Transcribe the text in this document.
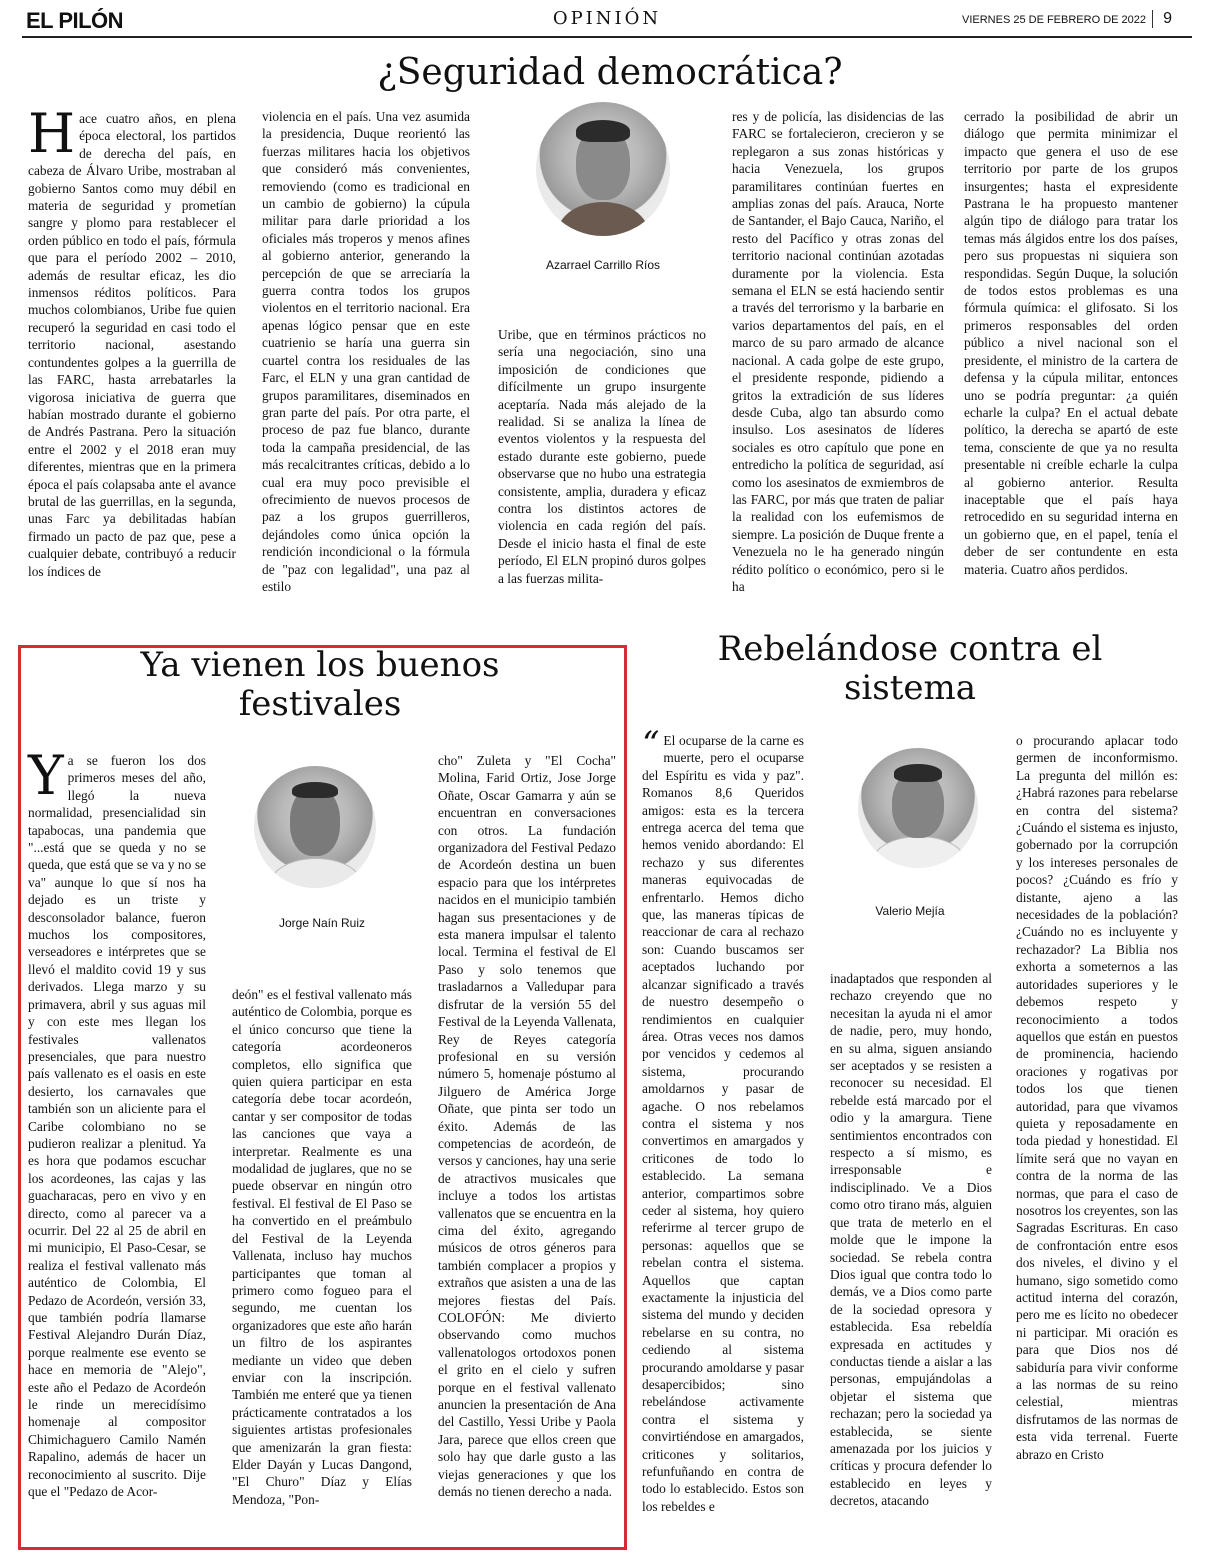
EL PILÓN	OPINIÓN	VIERNES 25 DE FEBRERO DE 2022	9
¿Seguridad democrática?
Hace cuatro años, en plena época electoral, los partidos de derecha del país, en cabeza de Álvaro Uribe, mostraban al gobierno Santos como muy débil en materia de seguridad y prometían sangre y plomo para restablecer el orden público en todo el país, fórmula que para el período 2002 – 2010, además de resultar eficaz, les dio inmensos réditos políticos. Para muchos colombianos, Uribe fue quien recuperó la seguridad en casi todo el territorio nacional, asestando contundentes golpes a la guerrilla de las FARC, hasta arrebatarles la vigorosa iniciativa de guerra que habían mostrado durante el gobierno de Andrés Pastrana. Pero la situación entre el 2002 y el 2018 eran muy diferentes, mientras que en la primera época el país colapsaba ante el avance brutal de las guerrillas, en la segunda, unas Farc ya debilitadas habían firmado un pacto de paz que, pese a cualquier debate, contribuyó a reducir los índices de
violencia en el país. Una vez asumida la presidencia, Duque reorientó las fuerzas militares hacia los objetivos que consideró más convenientes, removiendo (como es tradicional en un cambio de gobierno) la cúpula militar para darle prioridad a los oficiales más troperos y menos afines al gobierno anterior, generando la percepción de que se arreciaría la guerra contra todos los grupos violentos en el territorio nacional. Era apenas lógico pensar que en este cuatrienio se haría una guerra sin cuartel contra los residuales de las Farc, el ELN y una gran cantidad de grupos paramilitares, diseminados en gran parte del país. Por otra parte, el proceso de paz fue blanco, durante toda la campaña presidencial, de las más recalcitrantes críticas, debido a lo cual era muy poco previsible el ofrecimiento de nuevos procesos de paz a los grupos guerrilleros, dejándoles como única opción la rendición incondicional o la fórmula de "paz con legalidad", una paz al estilo
Azarrael Carrillo Ríos
Uribe, que en términos prácticos no sería una negociación, sino una imposición de condiciones que difícilmente un grupo insurgente aceptaría. Nada más alejado de la realidad. Si se analiza la línea de eventos violentos y la respuesta del estado durante este gobierno, puede observarse que no hubo una estrategia consistente, amplia, duradera y eficaz contra los distintos actores de violencia en cada región del país. Desde el inicio hasta el final de este período, El ELN propinó duros golpes a las fuerzas milita-
res y de policía, las disidencias de las FARC se fortalecieron, crecieron y se replegaron a sus zonas históricas y hacia Venezuela, los grupos paramilitares continúan fuertes en amplias zonas del país. Arauca, Norte de Santander, el Bajo Cauca, Nariño, el resto del Pacífico y otras zonas del territorio nacional continúan azotadas duramente por la violencia. Esta semana el ELN se está haciendo sentir a través del terrorismo y la barbarie en varios departamentos del país, en el marco de su paro armado de alcance nacional. A cada golpe de este grupo, el presidente responde, pidiendo a gritos la extradición de sus líderes desde Cuba, algo tan absurdo como insulso. Los asesinatos de líderes sociales es otro capítulo que pone en entredicho la política de seguridad, así como los asesinatos de exmiembros de las FARC, por más que traten de paliar la realidad con los eufemismos de siempre. La posición de Duque frente a Venezuela no le ha generado ningún rédito político o económico, pero si le ha
cerrado la posibilidad de abrir un diálogo que permita minimizar el impacto que genera el uso de ese territorio por parte de los grupos insurgentes; hasta el expresidente Pastrana le ha propuesto mantener algún tipo de diálogo para tratar los temas más álgidos entre los dos países, pero sus propuestas ni siquiera son respondidas. Según Duque, la solución de todos estos problemas es una fórmula química: el glifosato. Si los primeros responsables del orden público a nivel nacional son el presidente, el ministro de la cartera de defensa y la cúpula militar, entonces uno se podría preguntar: ¿a quién echarle la culpa? En el actual debate político, la derecha se apartó de este tema, consciente de que ya no resulta presentable ni creíble echarle la culpa al gobierno anterior. Resulta inaceptable que el país haya retrocedido en su seguridad interna en un gobierno que, en el papel, tenía el deber de ser contundente en esta materia. Cuatro años perdidos.
Ya vienen los buenos
festivales
Ya se fueron los dos primeros meses del año, llegó la nueva normalidad, presencialidad sin tapabocas, una pandemia que "...está que se queda y no se queda, que está que se va y no se va" aunque lo que sí nos ha dejado es un triste y desconsolador balance, fueron muchos los compositores, verseadores e intérpretes que se llevó el maldito covid 19 y sus derivados. Llega marzo y su primavera, abril y sus aguas mil y con este mes llegan los festivales vallenatos presenciales, que para nuestro país vallenato es el oasis en este desierto, los carnavales que también son un aliciente para el Caribe colombiano no se pudieron realizar a plenitud. Ya es hora que podamos escuchar los acordeones, las cajas y las guacharacas, pero en vivo y en directo, como al parecer va a ocurrir. Del 22 al 25 de abril en mi municipio, El Paso-Cesar, se realiza el festival vallenato más auténtico de Colombia, El Pedazo de Acordeón, versión 33, que también podría llamarse Festival Alejandro Durán Díaz, porque realmente ese evento se hace en memoria de "Alejo", este año el Pedazo de Acordeón le rinde un merecidísimo homenaje al compositor Chimichaguero Camilo Namén Rapalino, además de hacer un reconocimiento al suscrito. Dije que el "Pedazo de Acor-
Jorge Naín Ruiz
deón" es el festival vallenato más auténtico de Colombia, porque es el único concurso que tiene la categoría acordeoneros completos, ello significa que quien quiera participar en esta categoría debe tocar acordeón, cantar y ser compositor de todas las canciones que vaya a interpretar. Realmente es una modalidad de juglares, que no se puede observar en ningún otro festival. El festival de El Paso se ha convertido en el preámbulo del Festival de la Leyenda Vallenata, incluso hay muchos participantes que toman al primero como fogueo para el segundo, me cuentan los organizadores que este año harán un filtro de los aspirantes mediante un video que deben enviar con la inscripción. También me enteré que ya tienen prácticamente contratados a los siguientes artistas profesionales que amenizarán la gran fiesta: Elder Dayán y Lucas Dangond, "El Churo" Díaz y Elías Mendoza, "Pon-
cho" Zuleta y "El Cocha" Molina, Farid Ortiz, Jose Jorge Oñate, Oscar Gamarra y aún se encuentran en conversaciones con otros. La fundación organizadora del Festival Pedazo de Acordeón destina un buen espacio para que los intérpretes nacidos en el municipio también hagan sus presentaciones y de esta manera impulsar el talento local. Termina el festival de El Paso y solo tenemos que trasladarnos a Valledupar para disfrutar de la versión 55 del Festival de la Leyenda Vallenata, Rey de Reyes categoría profesional en su versión número 5, homenaje póstumo al Jilguero de América Jorge Oñate, que pinta ser todo un éxito. Además de las competencias de acordeón, de versos y canciones, hay una serie de atractivos musicales que incluye a todos los artistas vallenatos que se encuentra en la cima del éxito, agregando músicos de otros géneros para también complacer a propios y extraños que asisten a una de las mejores fiestas del País. COLOFÓN: Me divierto observando como muchos vallenatologos ortodoxos ponen el grito en el cielo y sufren porque en el festival vallenato anuncien la presentación de Ana del Castillo, Yessi Uribe y Paola Jara, parece que ellos creen que solo hay que darle gusto a las viejas generaciones y que los demás no tienen derecho a nada.
Rebelándose contra el
sistema
“ El ocuparse de la carne es muerte, pero el ocuparse del Espíritu es vida y paz". Romanos 8,6 Queridos amigos: esta es la tercera entrega acerca del tema que hemos venido abordando: El rechazo y sus diferentes maneras equivocadas de enfrentarlo. Hemos dicho que, las maneras típicas de reaccionar de cara al rechazo son: Cuando buscamos ser aceptados luchando por alcanzar significado a través de nuestro desempeño o rendimientos en cualquier área. Otras veces nos damos por vencidos y cedemos al sistema, procurando amoldarnos y pasar de agache. O nos rebelamos contra el sistema y nos convertimos en amargados y criticones de todo lo establecido. La semana anterior, compartimos sobre ceder al sistema, hoy quiero referirme al tercer grupo de personas: aquellos que se rebelan contra el sistema. Aquellos que captan exactamente la injusticia del sistema del mundo y deciden rebelarse en su contra, no cediendo al sistema procurando amoldarse y pasar desapercibidos; sino rebelándose activamente contra el sistema y convirtiéndose en amargados, criticones y solitarios, refunfuñando en contra de todo lo establecido. Estos son los rebeldes e
Valerio Mejía
inadaptados que responden al rechazo creyendo que no necesitan la ayuda ni el amor de nadie, pero, muy hondo, en su alma, siguen ansiando ser aceptados y se resisten a reconocer su necesidad. El rebelde está marcado por el odio y la amargura. Tiene sentimientos encontrados con respecto a sí mismo, es irresponsable e indisciplinado. Ve a Dios como otro tirano más, alguien que trata de meterlo en el molde que le impone la sociedad. Se rebela contra Dios igual que contra todo lo demás, ve a Dios como parte de la sociedad opresora y establecida. Esa rebeldía expresada en actitudes y conductas tiende a aislar a las personas, empujándolas a objetar el sistema que rechazan; pero la sociedad ya establecida, se siente amenazada por los juicios y críticas y procura defender lo establecido en leyes y decretos, atacando
o procurando aplacar todo germen de inconformismo. La pregunta del millón es: ¿Habrá razones para rebelarse en contra del sistema? ¿Cuándo el sistema es injusto, gobernado por la corrupción y los intereses personales de pocos? ¿Cuándo es frío y distante, ajeno a las necesidades de la población? ¿Cuándo no es incluyente y rechazador? La Biblia nos exhorta a someternos a las autoridades superiores y le debemos respeto y reconocimiento a todos aquellos que están en puestos de prominencia, haciendo oraciones y rogativas por todos los que tienen autoridad, para que vivamos quieta y reposadamente en toda piedad y honestidad. El límite será que no vayan en contra de la norma de las normas, que para el caso de nosotros los creyentes, son las Sagradas Escrituras. En caso de confrontación entre esos dos niveles, el divino y el humano, sigo sometido como actitud interna del corazón, pero me es lícito no obedecer ni participar. Mi oración es para que Dios nos dé sabiduría para vivir conforme a las normas de su reino celestial, mientras disfrutamos de las normas de esta vida terrenal. Fuerte abrazo en Cristo
